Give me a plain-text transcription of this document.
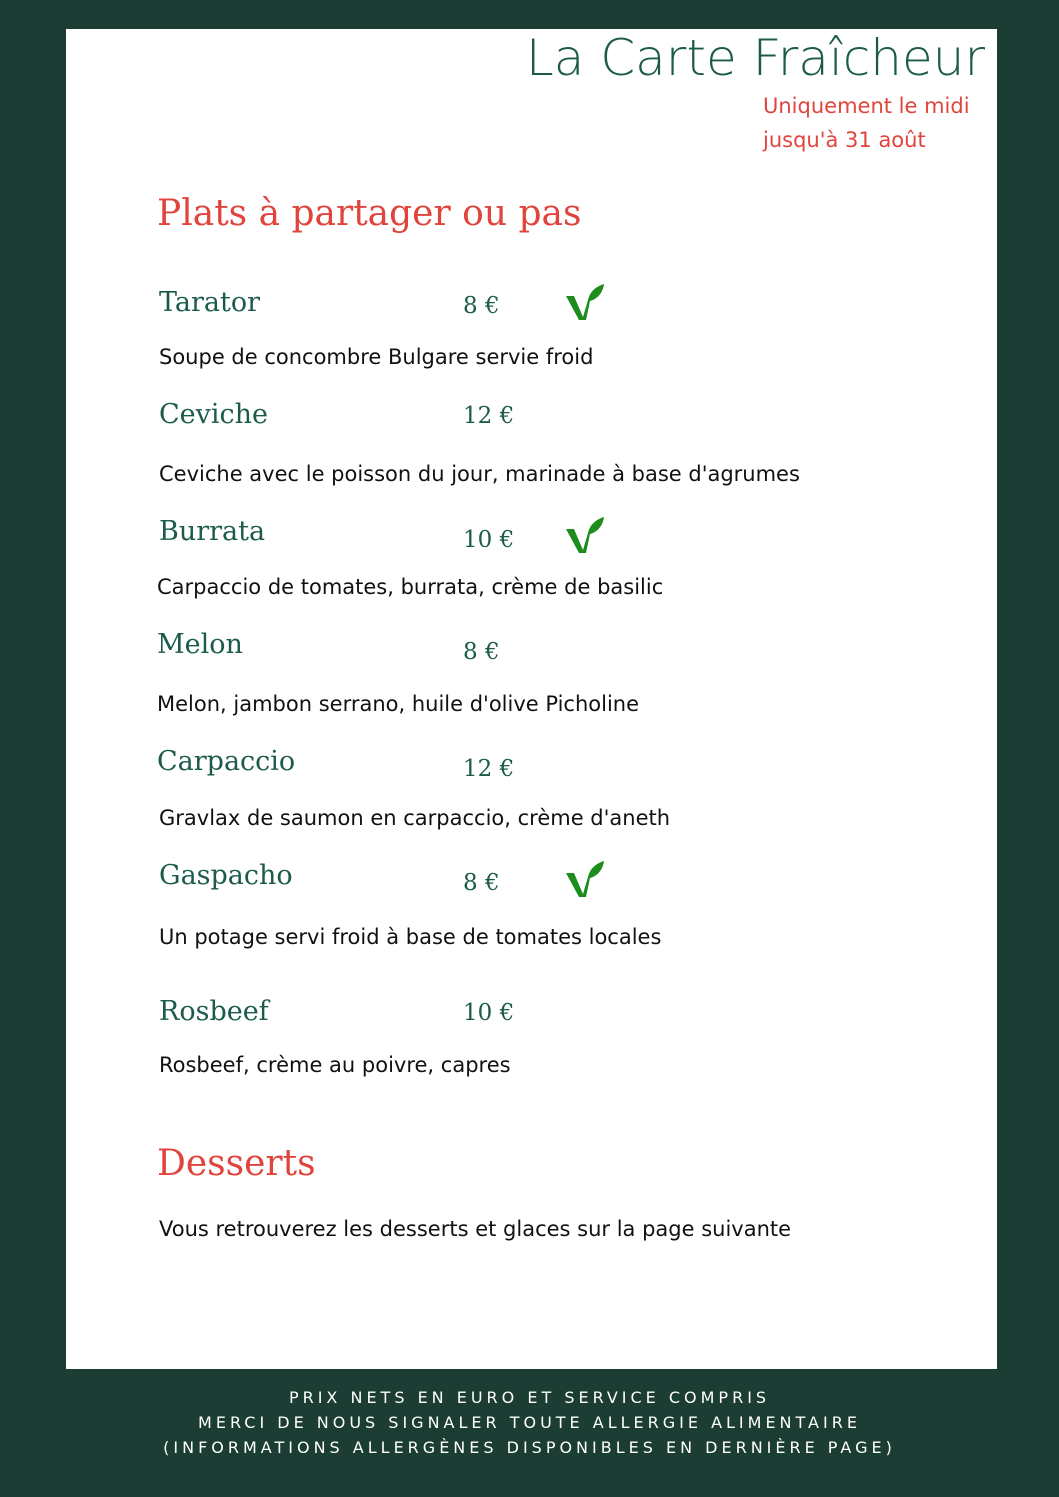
La Carte Fraîcheur
Uniquement le midi
jusqu'à 31 août
Plats à partager ou pas
Tarator	8 €
Soupe de concombre Bulgare servie froid
Ceviche	12 €
Ceviche avec le poisson du jour, marinade à base d'agrumes
Burrata	10 €
Carpaccio de tomates, burrata, crème de basilic
Melon	8 €
Melon, jambon serrano, huile d'olive Picholine
Carpaccio	12 €
Gravlax de saumon en carpaccio, crème d'aneth
Gaspacho	8 €
Un potage servi froid à base de tomates locales
Rosbeef	10 €
Rosbeef, crème au poivre, capres
Desserts
Vous retrouverez les desserts et glaces sur la page suivante
PRIX NETS EN EURO ET SERVICE COMPRIS
MERCI DE NOUS SIGNALER TOUTE ALLERGIE ALIMENTAIRE
(INFORMATIONS ALLERGÈNES DISPONIBLES EN DERNIÈRE PAGE)
